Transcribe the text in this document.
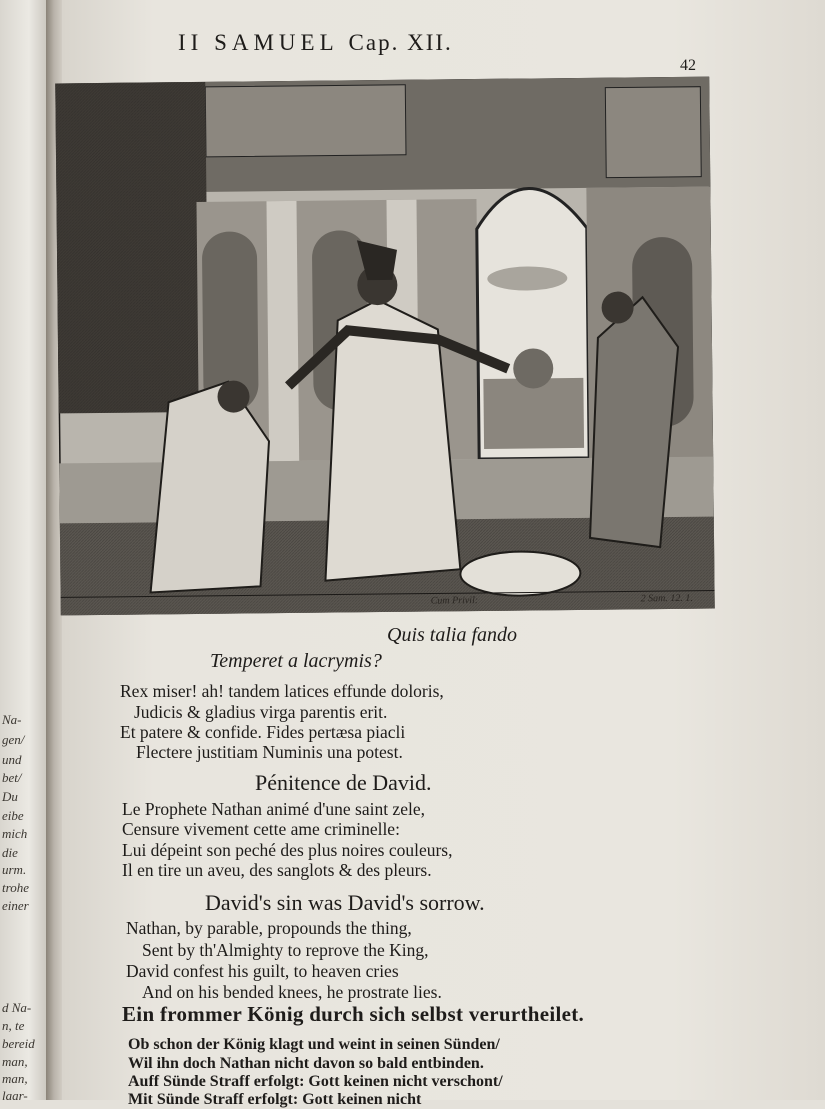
Na-
gen/
und
bet/
Du
eibe
mich
die
urm.
trohe
einer
d Na-
n, te
bereid
man,
man,
laar-
II SAMUEL Cap. XII.
42
Cum Privil:	2 Sam. 12. 1.
Quis talia fando
Temperet a lacrymis?
Rex miser! ah! tandem latices effunde doloris,
Judicis & gladius virga parentis erit.
Et patere & confide. Fides pertæsa piacli
Flectere justitiam Numinis una potest.
Pénitence de David.
Le Prophete Nathan animé d'une saint zele,
Censure vivement cette ame criminelle:
Lui dépeint son peché des plus noires couleurs,
Il en tire un aveu, des sanglots & des pleurs.
David's sin was David's sorrow.
Nathan, by parable, propounds the thing,
Sent by th'Almighty to reprove the King,
David confest his guilt, to heaven cries
And on his bended knees, he prostrate lies.
Ein frommer König durch sich selbst verurtheilet.
Ob schon der König klagt und weint in seinen Sünden/
Wil ihn doch Nathan nicht davon so bald entbinden.
Auff Sünde Straff erfolgt: Gott keinen nicht verschont/
Mit Sünde Straff erfolgt: Gott keinen nicht
